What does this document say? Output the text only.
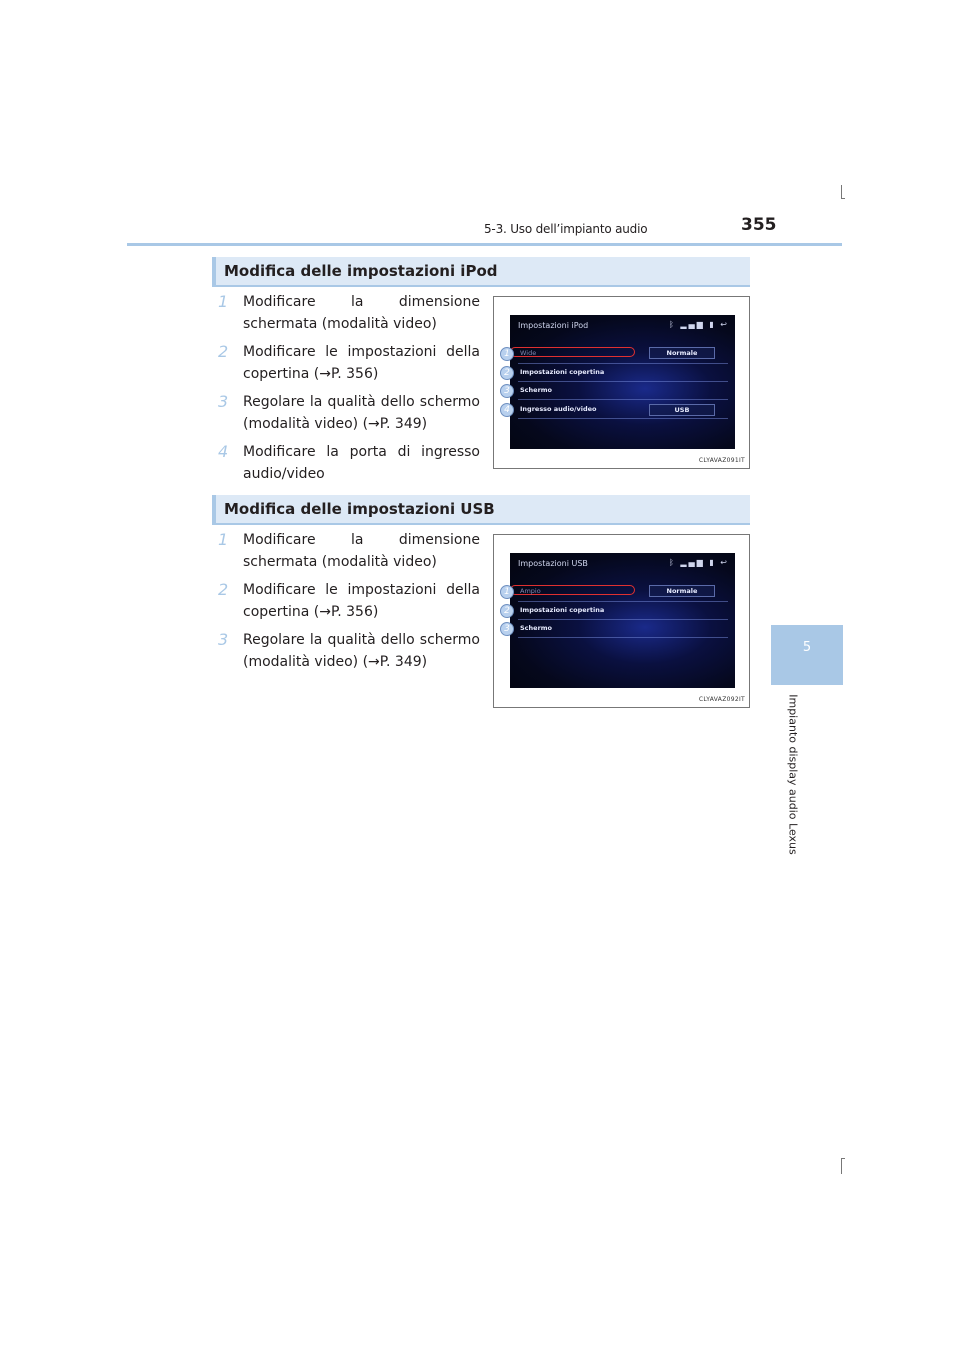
5-3. Uso dell’impianto audio	355
5
Impianto display audio Lexus
Modifica delle impostazioni iPod
1	Modificare la dimensione schermata (modalità video)
2	Modificare le impostazioni della copertina (→P. 356)
3	Regolare la qualità dello schermo (modalità video) (→P. 349)
4	Modificare la porta di ingresso audio/video
Impostazioni iPod	ᛒ ▂▄▆ ▮ ↩
Wide	Normale
Impostazioni copertina
Schermo
Ingresso audio/video	USB
1
2
3
4
CLYAVAZ091IT
Modifica delle impostazioni USB
1	Modificare la dimensione schermata (modalità video)
2	Modificare le impostazioni della copertina (→P. 356)
3	Regolare la qualità dello schermo (modalità video) (→P. 349)
Impostazioni USB	ᛒ ▂▄▆ ▮ ↩
Ampio	Normale
Impostazioni copertina
Schermo
1
2
3
CLYAVAZ092IT
